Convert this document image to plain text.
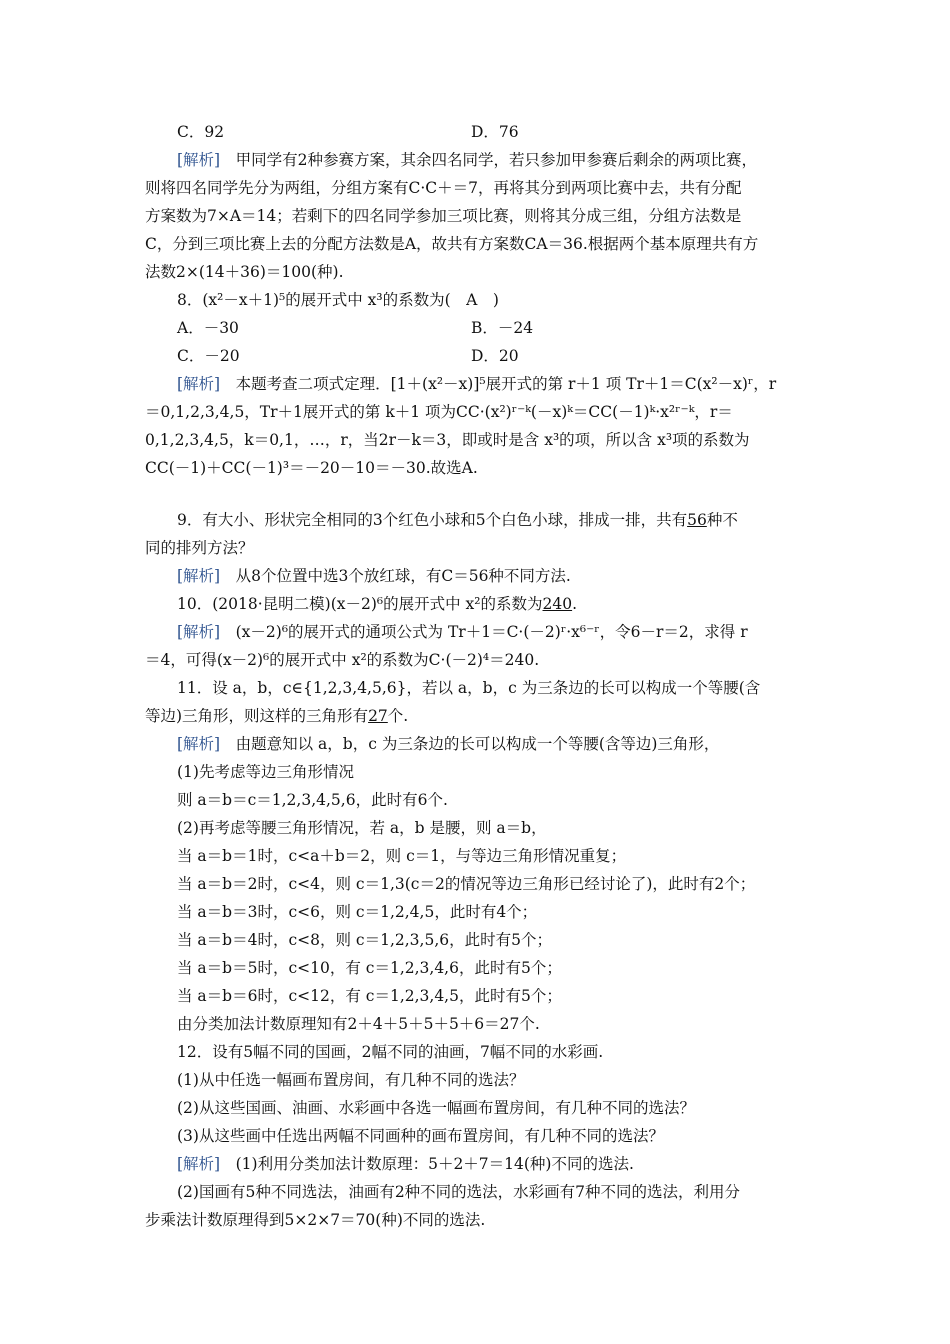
C．92	D．76
[解析]　 甲同学有2种参赛方案，其余四名同学，若只参加甲参赛后剩余的两项比赛，
则将四名同学先分为两组，分组方案有C·C＋＝7，再将其分到两项比赛中去，共有分配
方案数为7×A＝14；若剩下的四名同学参加三项比赛，则将其分成三组，分组方法数是
C，分到三项比赛上去的分配方法数是A，故共有方案数CA＝36.根据两个基本原理共有方
法数2×(14＋36)＝100(种).
8．(x²－x＋1)⁵的展开式中 x³的系数为(　A　)
A．－30	B．－24
C．－20	D．20
[解析]　 本题考查二项式定理．[1＋(x²－x)]⁵展开式的第 r＋1 项 Tr＋1＝C(x²－x)ʳ，r
＝0,1,2,3,4,5，Tr＋1展开式的第 k＋1 项为CC·(x²)ʳ⁻ᵏ(－x)ᵏ＝CC(－1)ᵏ·x²ʳ⁻ᵏ，r＝
0,1,2,3,4,5，k＝0,1，…，r，当2r－k＝3，即或时是含 x³的项，所以含 x³项的系数为
CC(－1)＋CC(－1)³＝－20－10＝－30.故选A.
9．有大小、形状完全相同的3个红色小球和5个白色小球，排成一排，共有56种不
同的排列方法？
[解析]　 从8个位置中选3个放红球，有C＝56种不同方法.
10．(2018·昆明二模)(x－2)⁶的展开式中 x²的系数为240.
[解析]　 (x－2)⁶的展开式的通项公式为 Tr＋1＝C·(－2)ʳ·x⁶⁻ʳ，令6－r＝2，求得 r
＝4，可得(x－2)⁶的展开式中 x²的系数为C·(－2)⁴＝240.
11．设 a，b，c∈{1,2,3,4,5,6}，若以 a，b，c 为三条边的长可以构成一个等腰(含
等边)三角形，则这样的三角形有27个.
[解析]　 由题意知以 a，b，c 为三条边的长可以构成一个等腰(含等边)三角形，
(1)先考虑等边三角形情况
则 a＝b＝c＝1,2,3,4,5,6，此时有6个.
(2)再考虑等腰三角形情况，若 a，b 是腰，则 a＝b，
当 a＝b＝1时，c<a＋b＝2，则 c＝1，与等边三角形情况重复；
当 a＝b＝2时，c<4，则 c＝1,3(c＝2的情况等边三角形已经讨论了)，此时有2个；
当 a＝b＝3时，c<6，则 c＝1,2,4,5，此时有4个；
当 a＝b＝4时，c<8，则 c＝1,2,3,5,6，此时有5个；
当 a＝b＝5时，c<10，有 c＝1,2,3,4,6，此时有5个；
当 a＝b＝6时，c<12，有 c＝1,2,3,4,5，此时有5个；
由分类加法计数原理知有2＋4＋5＋5＋5＋6＝27个.
12．设有5幅不同的国画，2幅不同的油画，7幅不同的水彩画.
(1)从中任选一幅画布置房间，有几种不同的选法？
(2)从这些国画、油画、水彩画中各选一幅画布置房间，有几种不同的选法？
(3)从这些画中任选出两幅不同画种的画布置房间，有几种不同的选法？
[解析]　 (1)利用分类加法计数原理：5＋2＋7＝14(种)不同的选法.
(2)国画有5种不同选法，油画有2种不同的选法，水彩画有7种不同的选法，利用分
步乘法计数原理得到5×2×7＝70(种)不同的选法.
